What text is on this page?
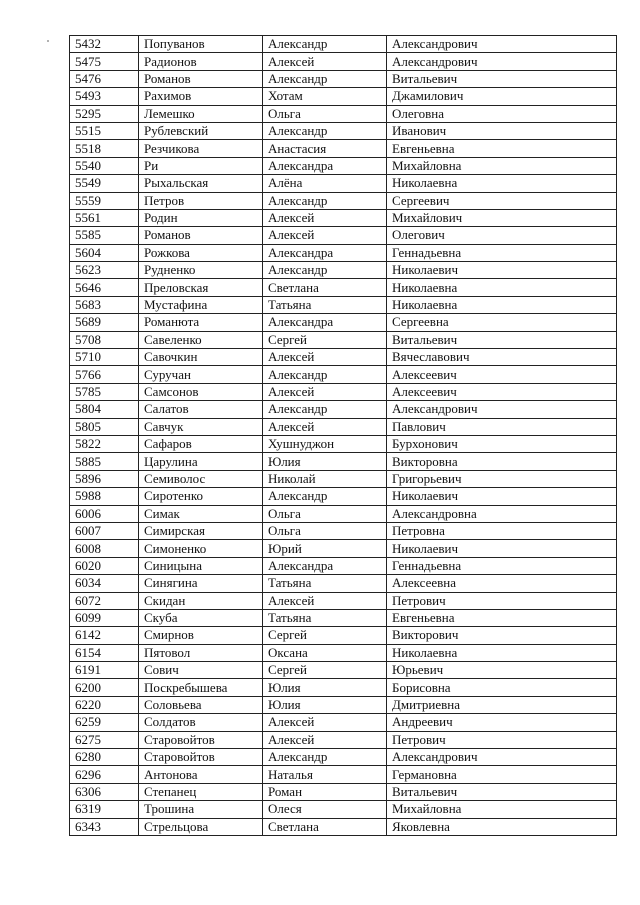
5432	Попуванов	Александр	Александрович
5475	Радионов	Алексей	Александрович
5476	Романов	Александр	Витальевич
5493	Рахимов	Хотам	Джамилович
5295	Лемешко	Ольга	Олеговна
5515	Рублевский	Александр	Иванович
5518	Резчикова	Анастасия	Евгеньевна
5540	Ри	Александра	Михайловна
5549	Рыхальская	Алёна	Николаевна
5559	Петров	Александр	Сергеевич
5561	Родин	Алексей	Михайлович
5585	Романов	Алексей	Олегович
5604	Рожкова	Александра	Геннадьевна
5623	Рудненко	Александр	Николаевич
5646	Преловская	Светлана	Николаевна
5683	Мустафина	Татьяна	Николаевна
5689	Романюта	Александра	Сергеевна
5708	Савеленко	Сергей	Витальевич
5710	Савочкин	Алексей	Вячеславович
5766	Суручан	Александр	Алексеевич
5785	Самсонов	Алексей	Алексеевич
5804	Салатов	Александр	Александрович
5805	Савчук	Алексей	Павлович
5822	Сафаров	Хушнуджон	Бурхонович
5885	Царулина	Юлия	Викторовна
5896	Семиволос	Николай	Григорьевич
5988	Сиротенко	Александр	Николаевич
6006	Симак	Ольга	Александровна
6007	Симирская	Ольга	Петровна
6008	Симоненко	Юрий	Николаевич
6020	Синицына	Александра	Геннадьевна
6034	Синягина	Татьяна	Алексеевна
6072	Скидан	Алексей	Петрович
6099	Скуба	Татьяна	Евгеньевна
6142	Смирнов	Сергей	Викторович
6154	Пятовол	Оксана	Николаевна
6191	Сович	Сергей	Юрьевич
6200	Поскребышева	Юлия	Борисовна
6220	Соловьева	Юлия	Дмитриевна
6259	Солдатов	Алексей	Андреевич
6275	Старовойтов	Алексей	Петрович
6280	Старовойтов	Александр	Александрович
6296	Антонова	Наталья	Германовна
6306	Степанец	Роман	Витальевич
6319	Трошина	Олеся	Михайловна
6343	Стрельцова	Светлана	Яковлевна
